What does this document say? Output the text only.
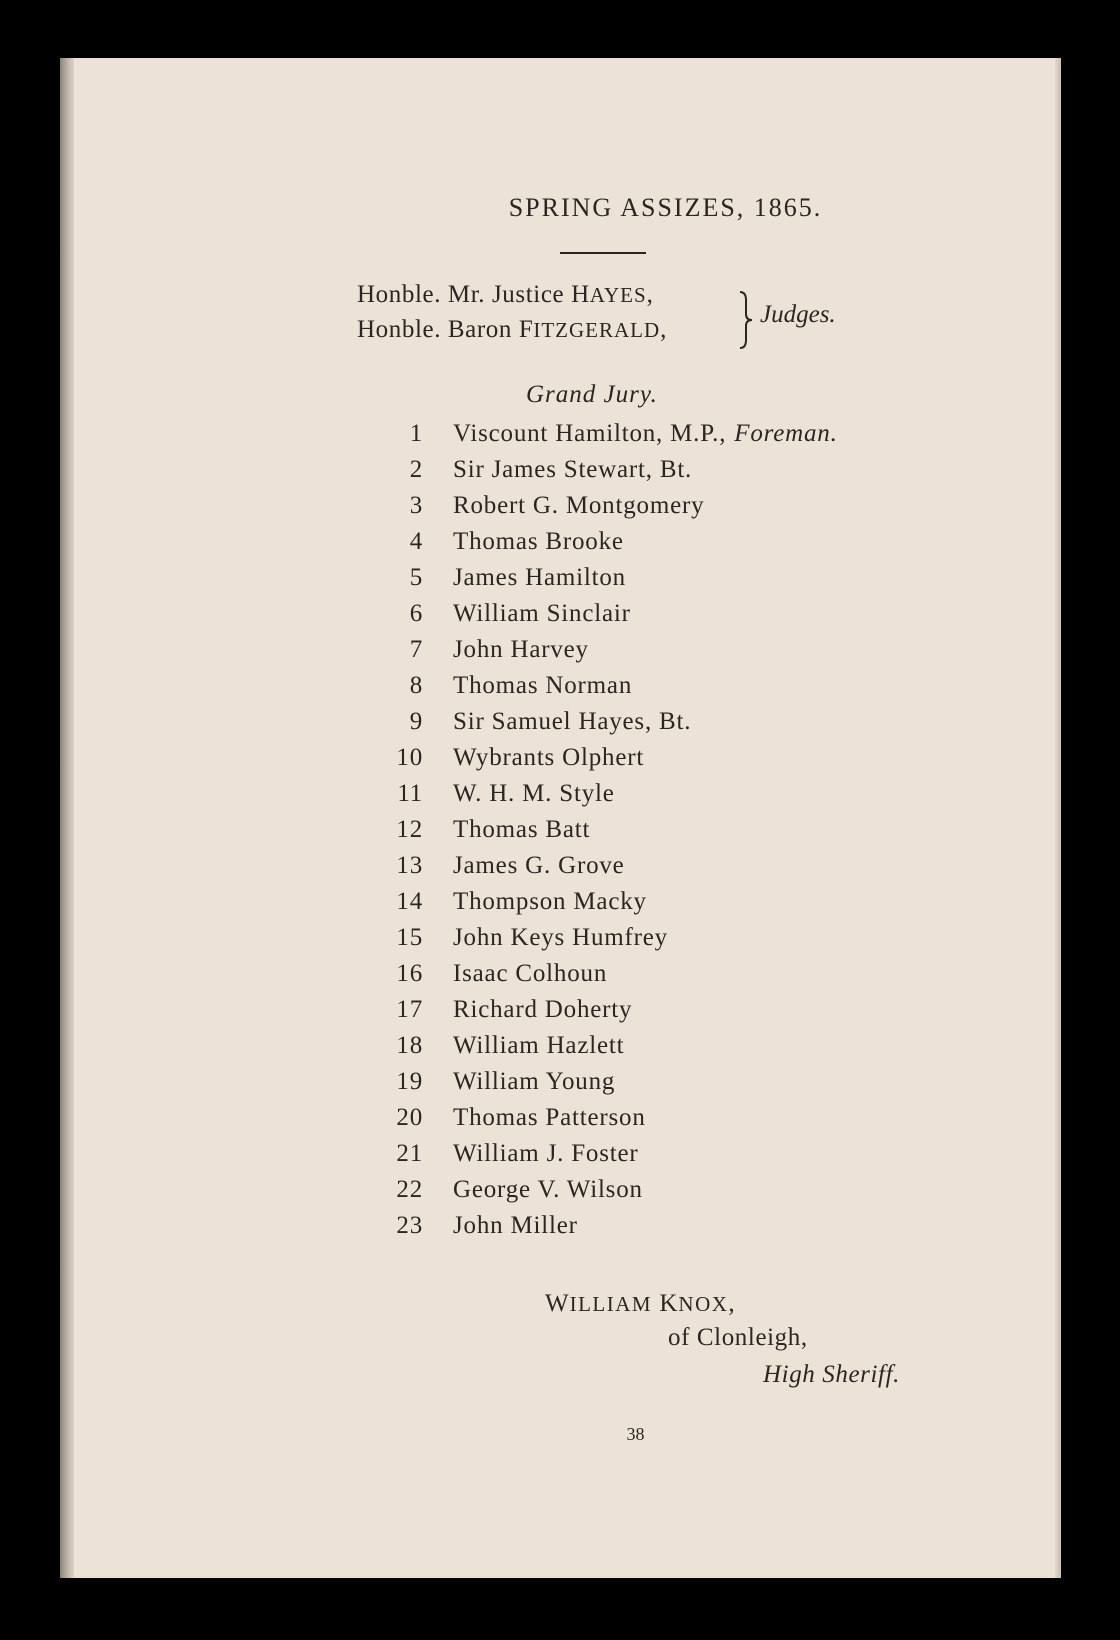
SPRING ASSIZES, 1865.
Honble. Mr. Justice HAYES,
Honble. Baron FITZGERALD,
Judges.
Grand Jury.
1 Viscount Hamilton, M.P., Foreman.
2 Sir James Stewart, Bt.
3 Robert G. Montgomery
4 Thomas Brooke
5 James Hamilton
6 William Sinclair
7 John Harvey
8 Thomas Norman
9 Sir Samuel Hayes, Bt.
10 Wybrants Olphert
11 W. H. M. Style
12 Thomas Batt
13 James G. Grove
14 Thompson Macky
15 John Keys Humfrey
16 Isaac Colhoun
17 Richard Doherty
18 William Hazlett
19 William Young
20 Thomas Patterson
21 William J. Foster
22 George V. Wilson
23 John Miller
WILLIAM KNOX,
of Clonleigh,
High Sheriff.
38
